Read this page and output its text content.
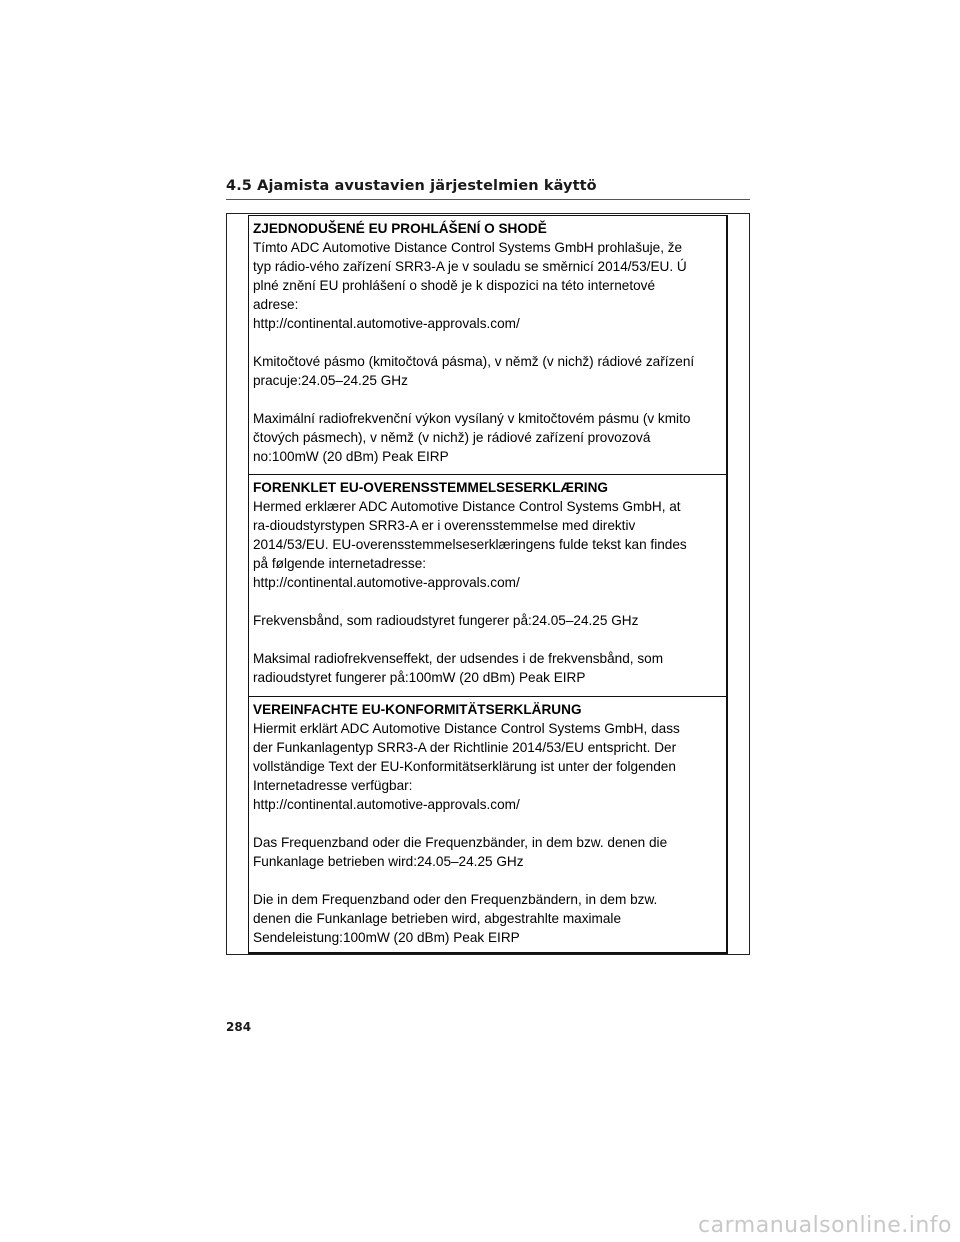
4.5 Ajamista avustavien järjestelmien käyttö
ZJEDNODUŠENÉ EU PROHLÁŠENÍ O SHODĚ

Tímto ADC Automotive Distance Control Systems GmbH prohlašuje, že
typ rádio-vého zařízení SRR3-A je v souladu se směrnicí 2014/53/EU. Ú
plné znění EU prohlášení o shodě je k dispozici na této internetové
adrese:
http://continental.automotive-approvals.com/

Kmitočtové pásmo (kmitočtová pásma), v němž (v nichž) rádiové zařízení
pracuje:24.05–24.25 GHz

Maximální radiofrekvenční výkon vysílaný v kmitočtovém pásmu (v kmito
čtových pásmech), v němž (v nichž) je rádiové zařízení provozová
no:100mW (20 dBm) Peak EIRP

FORENKLET EU-OVERENSSTEMMELSESERKLÆRING

Hermed erklærer ADC Automotive Distance Control Systems GmbH, at
ra-dioudstyrstypen SRR3-A er i overensstemmelse med direktiv
2014/53/EU. EU-overensstemmelseserklæringens fulde tekst kan findes
på følgende internetadresse:
http://continental.automotive-approvals.com/

Frekvensbånd, som radioudstyret fungerer på:24.05–24.25 GHz

Maksimal radiofrekvenseffekt, der udsendes i de frekvensbånd, som
radioudstyret fungerer på:100mW (20 dBm) Peak EIRP

VEREINFACHTE EU-KONFORMITÄTSERKLÄRUNG

Hiermit erklärt ADC Automotive Distance Control Systems GmbH, dass
der Funkanlagentyp SRR3-A der Richtlinie 2014/53/EU entspricht. Der
vollständige Text der EU-Konformitätserklärung ist unter der folgenden
Internetadresse verfügbar:
http://continental.automotive-approvals.com/

Das Frequenzband oder die Frequenzbänder, in dem bzw. denen die
Funkanlage betrieben wird:24.05–24.25 GHz

Die in dem Frequenzband oder den Frequenzbändern, in dem bzw.
denen die Funkanlage betrieben wird, abgestrahlte maximale
Sendeleistung:100mW (20 dBm) Peak EIRP

284
carmanualsonline.info
